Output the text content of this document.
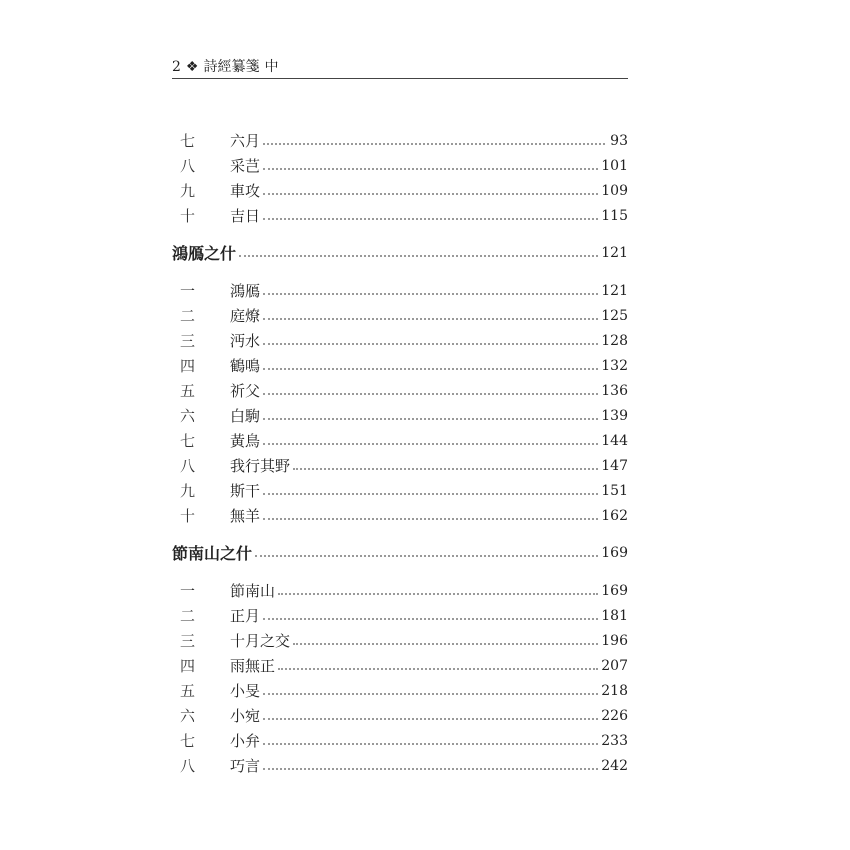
2 ❖ 詩經纂箋 中
七	六月	93
八	采芑	101
九	車攻	109
十	吉日	115
鴻鴈之什	121
一	鴻鴈	121
二	庭燎	125
三	沔水	128
四	鶴鳴	132
五	祈父	136
六	白駒	139
七	黃鳥	144
八	我行其野	147
九	斯干	151
十	無羊	162
節南山之什	169
一	節南山	169
二	正月	181
三	十月之交	196
四	雨無正	207
五	小旻	218
六	小宛	226
七	小弁	233
八	巧言	242
